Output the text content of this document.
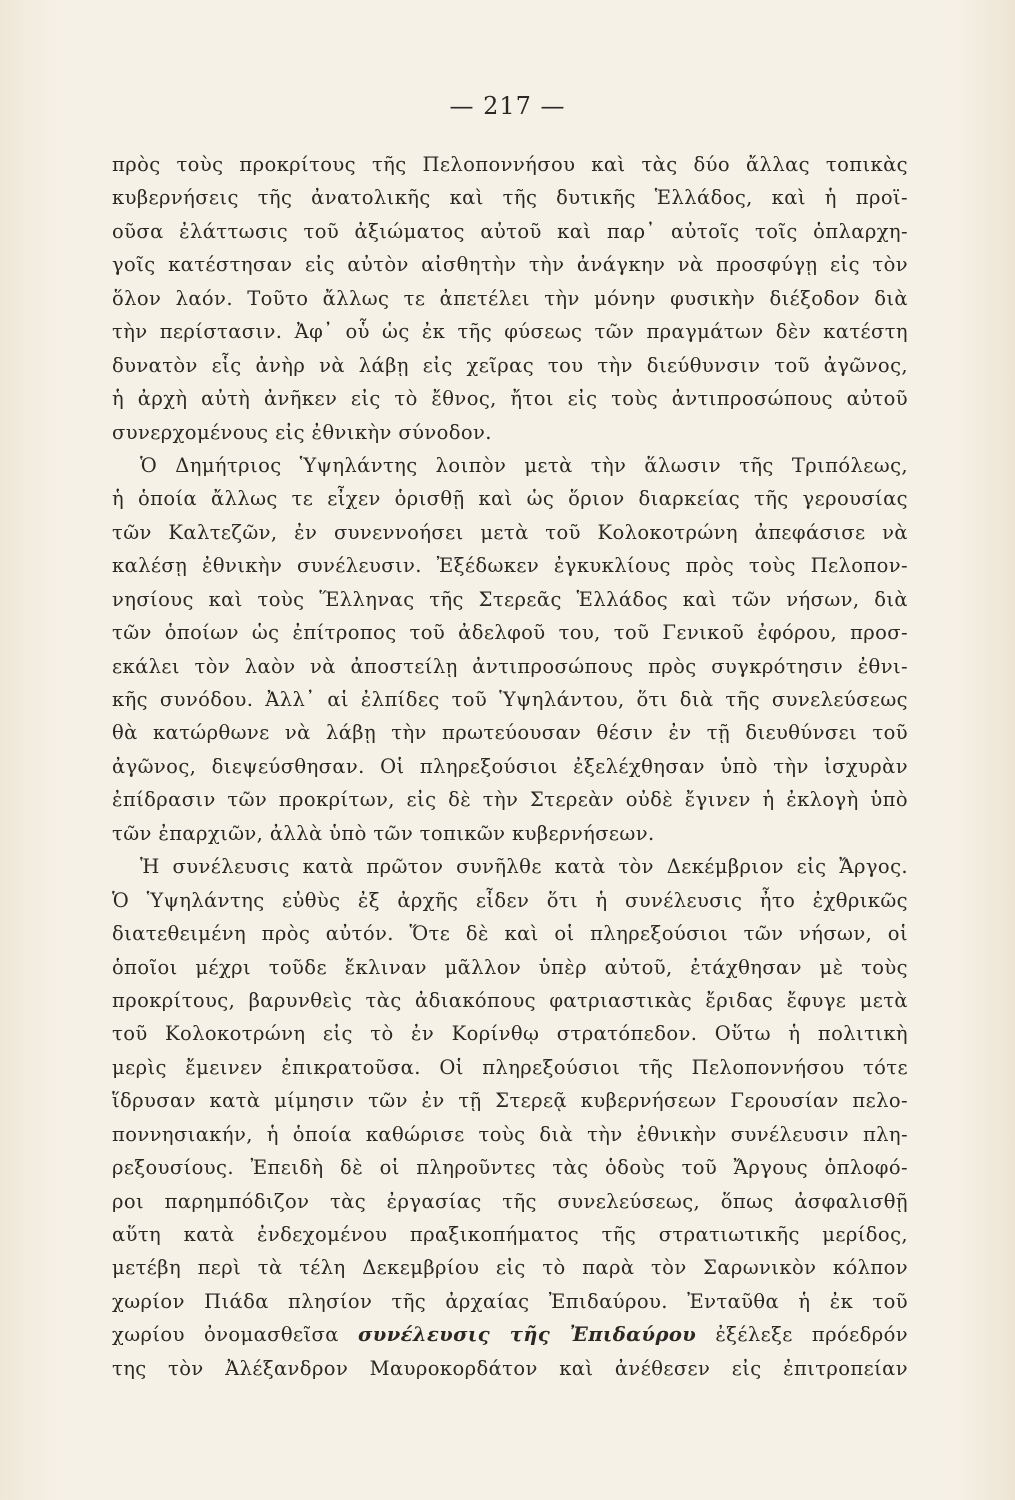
— 217 —
πρὸς τοὺς προκρίτους τῆς Πελοποννήσου καὶ τὰς δύο ἄλλας τοπικὰς
κυβερνήσεις τῆς ἀνατολικῆς καὶ τῆς δυτικῆς Ἑλλάδος, καὶ ἡ προϊ-
οῦσα ἐλάττωσις τοῦ ἀξιώματος αὐτοῦ καὶ παρ᾿ αὐτοῖς τοῖς ὁπλαρχη-
γοῖς κατέστησαν εἰς αὐτὸν αἰσθητὴν τὴν ἀνάγκην νὰ προσφύγῃ εἰς τὸν
ὅλον λαόν. Τοῦτο ἄλλως τε ἀπετέλει τὴν μόνην φυσικὴν διέξοδον διὰ
τὴν περίστασιν. Ἀφ᾿ οὗ ὡς ἐκ τῆς φύσεως τῶν πραγμάτων δὲν κατέστη
δυνατὸν εἷς ἀνὴρ νὰ λάβῃ εἰς χεῖρας του τὴν διεύθυνσιν τοῦ ἀγῶνος,
ἡ ἀρχὴ αὐτὴ ἀνῆκεν εἰς τὸ ἔθνος, ἤτοι εἰς τοὺς ἀντιπροσώπους αὐτοῦ
συνερχομένους εἰς ἐθνικὴν σύνοδον.
Ὁ Δημήτριος Ὑψηλάντης λοιπὸν μετὰ τὴν ἅλωσιν τῆς Τριπόλεως,
ἡ ὁποία ἄλλως τε εἶχεν ὁρισθῇ καὶ ὡς ὅριον διαρκείας τῆς γερουσίας
τῶν Καλτεζῶν, ἐν συνεννοήσει μετὰ τοῦ Κολοκοτρώνη ἀπεφάσισε νὰ
καλέσῃ ἐθνικὴν συνέλευσιν. Ἐξέδωκεν ἐγκυκλίους πρὸς τοὺς Πελοπον-
νησίους καὶ τοὺς Ἕλληνας τῆς Στερεᾶς Ἑλλάδος καὶ τῶν νήσων, διὰ
τῶν ὁποίων ὡς ἐπίτροπος τοῦ ἀδελφοῦ του, τοῦ Γενικοῦ ἐφόρου, προσ-
εκάλει τὸν λαὸν νὰ ἀποστείλῃ ἀντιπροσώπους πρὸς συγκρότησιν ἐθνι-
κῆς συνόδου. Ἀλλ᾿ αἱ ἐλπίδες τοῦ Ὑψηλάντου, ὅτι διὰ τῆς συνελεύσεως
θὰ κατώρθωνε νὰ λάβῃ τὴν πρωτεύουσαν θέσιν ἐν τῇ διευθύνσει τοῦ
ἀγῶνος, διεψεύσθησαν. Οἱ πληρεξούσιοι ἐξελέχθησαν ὑπὸ τὴν ἰσχυρὰν
ἐπίδρασιν τῶν προκρίτων, εἰς δὲ τὴν Στερεὰν οὐδὲ ἔγινεν ἡ ἐκλογὴ ὑπὸ
τῶν ἐπαρχιῶν, ἀλλὰ ὑπὸ τῶν τοπικῶν κυβερνήσεων.
Ἡ συνέλευσις κατὰ πρῶτον συνῆλθε κατὰ τὸν Δεκέμβριον εἰς Ἄργος.
Ὁ Ὑψηλάντης εὐθὺς ἐξ ἀρχῆς εἶδεν ὅτι ἡ συνέλευσις ἦτο ἐχθρικῶς
διατεθειμένη πρὸς αὐτόν. Ὅτε δὲ καὶ οἱ πληρεξούσιοι τῶν νήσων, οἱ
ὁποῖοι μέχρι τοῦδε ἔκλιναν μᾶλλον ὑπὲρ αὐτοῦ, ἐτάχθησαν μὲ τοὺς
προκρίτους, βαρυνθεὶς τὰς ἀδιακόπους φατριαστικὰς ἔριδας ἔφυγε μετὰ
τοῦ Κολοκοτρώνη εἰς τὸ ἐν Κορίνθῳ στρατόπεδον. Οὕτω ἡ πολιτικὴ
μερὶς ἔμεινεν ἐπικρατοῦσα. Οἱ πληρεξούσιοι τῆς Πελοποννήσου τότε
ἵδρυσαν κατὰ μίμησιν τῶν ἐν τῇ Στερεᾷ κυβερνήσεων Γερουσίαν πελο-
ποννησιακήν, ἡ ὁποία καθώρισε τοὺς διὰ τὴν ἐθνικὴν συνέλευσιν πλη-
ρεξουσίους. Ἐπειδὴ δὲ οἱ πληροῦντες τὰς ὁδοὺς τοῦ Ἄργους ὁπλοφό-
ροι παρημπόδιζον τὰς ἐργασίας τῆς συνελεύσεως, ὅπως ἀσφαλισθῇ
αὕτη κατὰ ἐνδεχομένου πραξικοπήματος τῆς στρατιωτικῆς μερίδος,
μετέβη περὶ τὰ τέλη Δεκεμβρίου εἰς τὸ παρὰ τὸν Σαρωνικὸν κόλπον
χωρίον Πιάδα πλησίον τῆς ἀρχαίας Ἐπιδαύρου. Ἐνταῦθα ἡ ἐκ τοῦ
χωρίου ὀνομασθεῖσα συνέλευσις τῆς Ἐπιδαύρου ἐξέλεξε πρόεδρόν
της τὸν Ἀλέξανδρον Μαυροκορδάτον καὶ ἀνέθεσεν εἰς ἐπιτροπείαν
